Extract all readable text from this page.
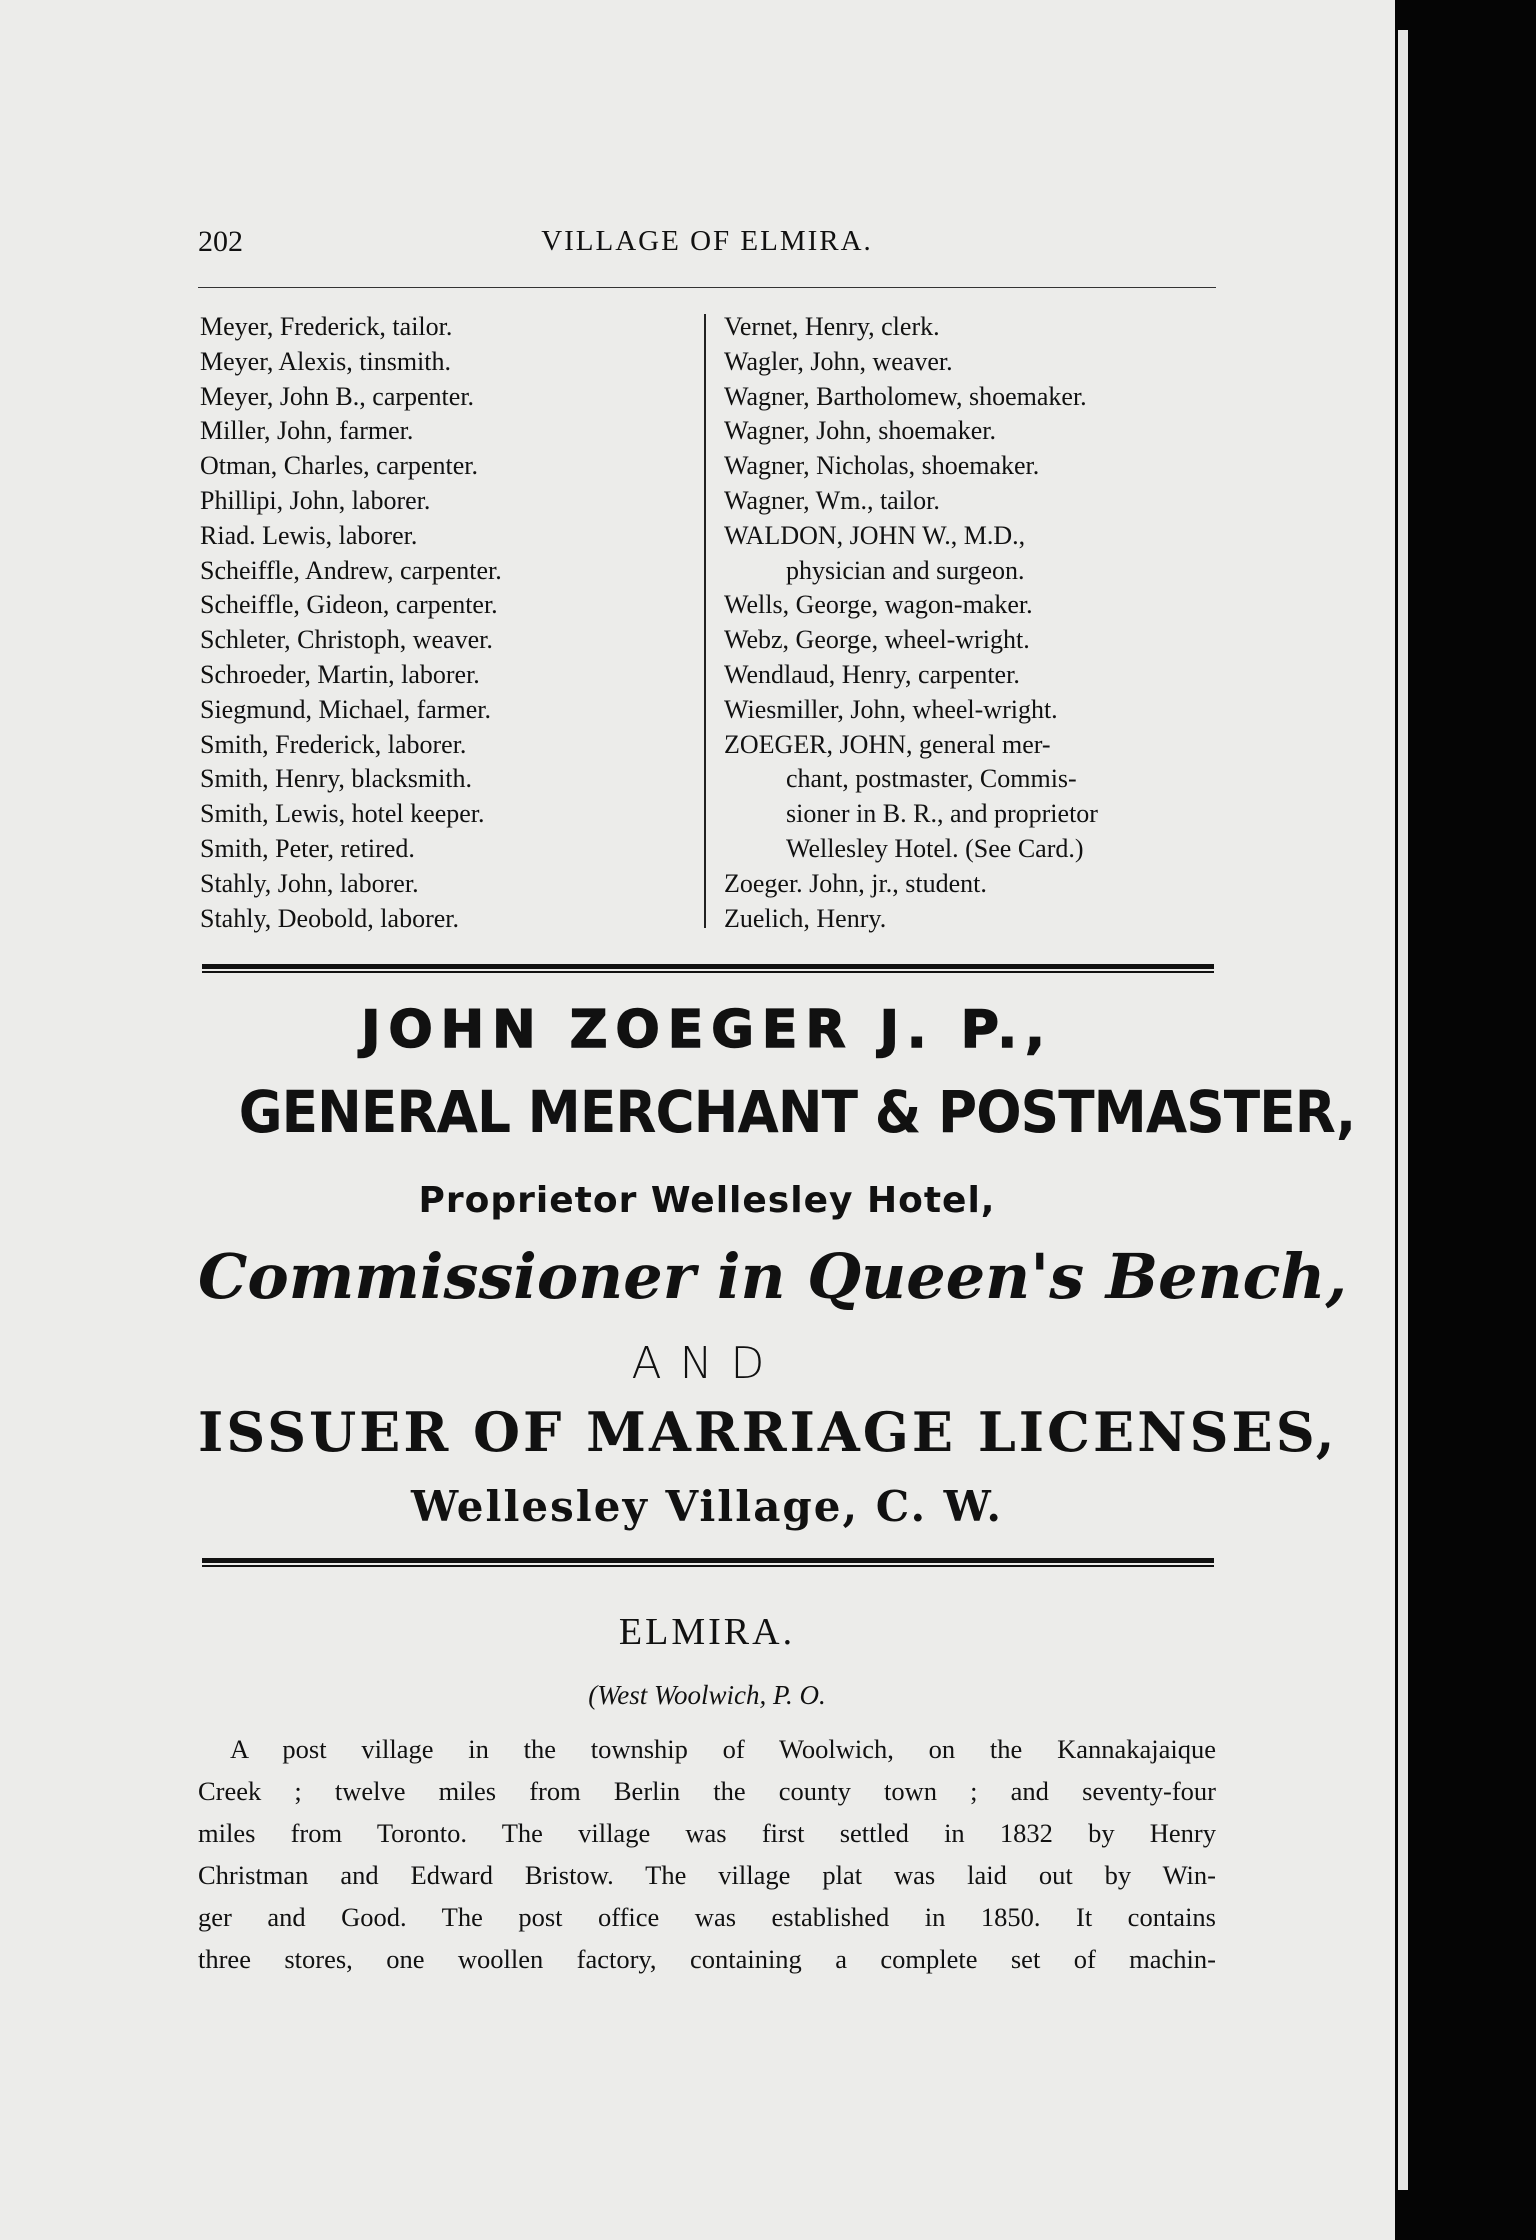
202	VILLAGE OF ELMIRA.
Meyer, Frederick, tailor.
Meyer, Alexis, tinsmith.
Meyer, John B., carpenter.
Miller, John, farmer.
Otman, Charles, carpenter.
Phillipi, John, laborer.
Riad. Lewis, laborer.
Scheiffle, Andrew, carpenter.
Scheiffle, Gideon, carpenter.
Schleter, Christoph, weaver.
Schroeder, Martin, laborer.
Siegmund, Michael, farmer.
Smith, Frederick, laborer.
Smith, Henry, blacksmith.
Smith, Lewis, hotel keeper.
Smith, Peter, retired.
Stahly, John, laborer.
Stahly, Deobold, laborer.
Vernet, Henry, clerk.
Wagler, John, weaver.
Wagner, Bartholomew, shoemaker.
Wagner, John, shoemaker.
Wagner, Nicholas, shoemaker.
Wagner, Wm., tailor.
WALDON, JOHN W., M.D.,
physician and surgeon.
Wells, George, wagon-maker.
Webz, George, wheel-wright.
Wendlaud, Henry, carpenter.
Wiesmiller, John, wheel-wright.
ZOEGER, JOHN, general mer-
chant, postmaster, Commis-
sioner in B. R., and proprietor
Wellesley Hotel. (See Card.)
Zoeger. John, jr., student.
Zuelich, Henry.
JOHN ZOEGER J. P.,
GENERAL MERCHANT & POSTMASTER,
Proprietor Wellesley Hotel,
Commissioner in Queen's Bench,
AND
ISSUER OF MARRIAGE LICENSES,
Wellesley Village, C. W.
ELMIRA.
(West Woolwich, P. O.
A post village in the township of Woolwich, on the Kannakajaique
Creek ; twelve miles from Berlin the county town ; and seventy-four
miles from Toronto. The village was first settled in 1832 by Henry
Christman and Edward Bristow. The village plat was laid out by Win-
ger and Good. The post office was established in 1850. It contains
three stores, one woollen factory, containing a complete set of machin-
